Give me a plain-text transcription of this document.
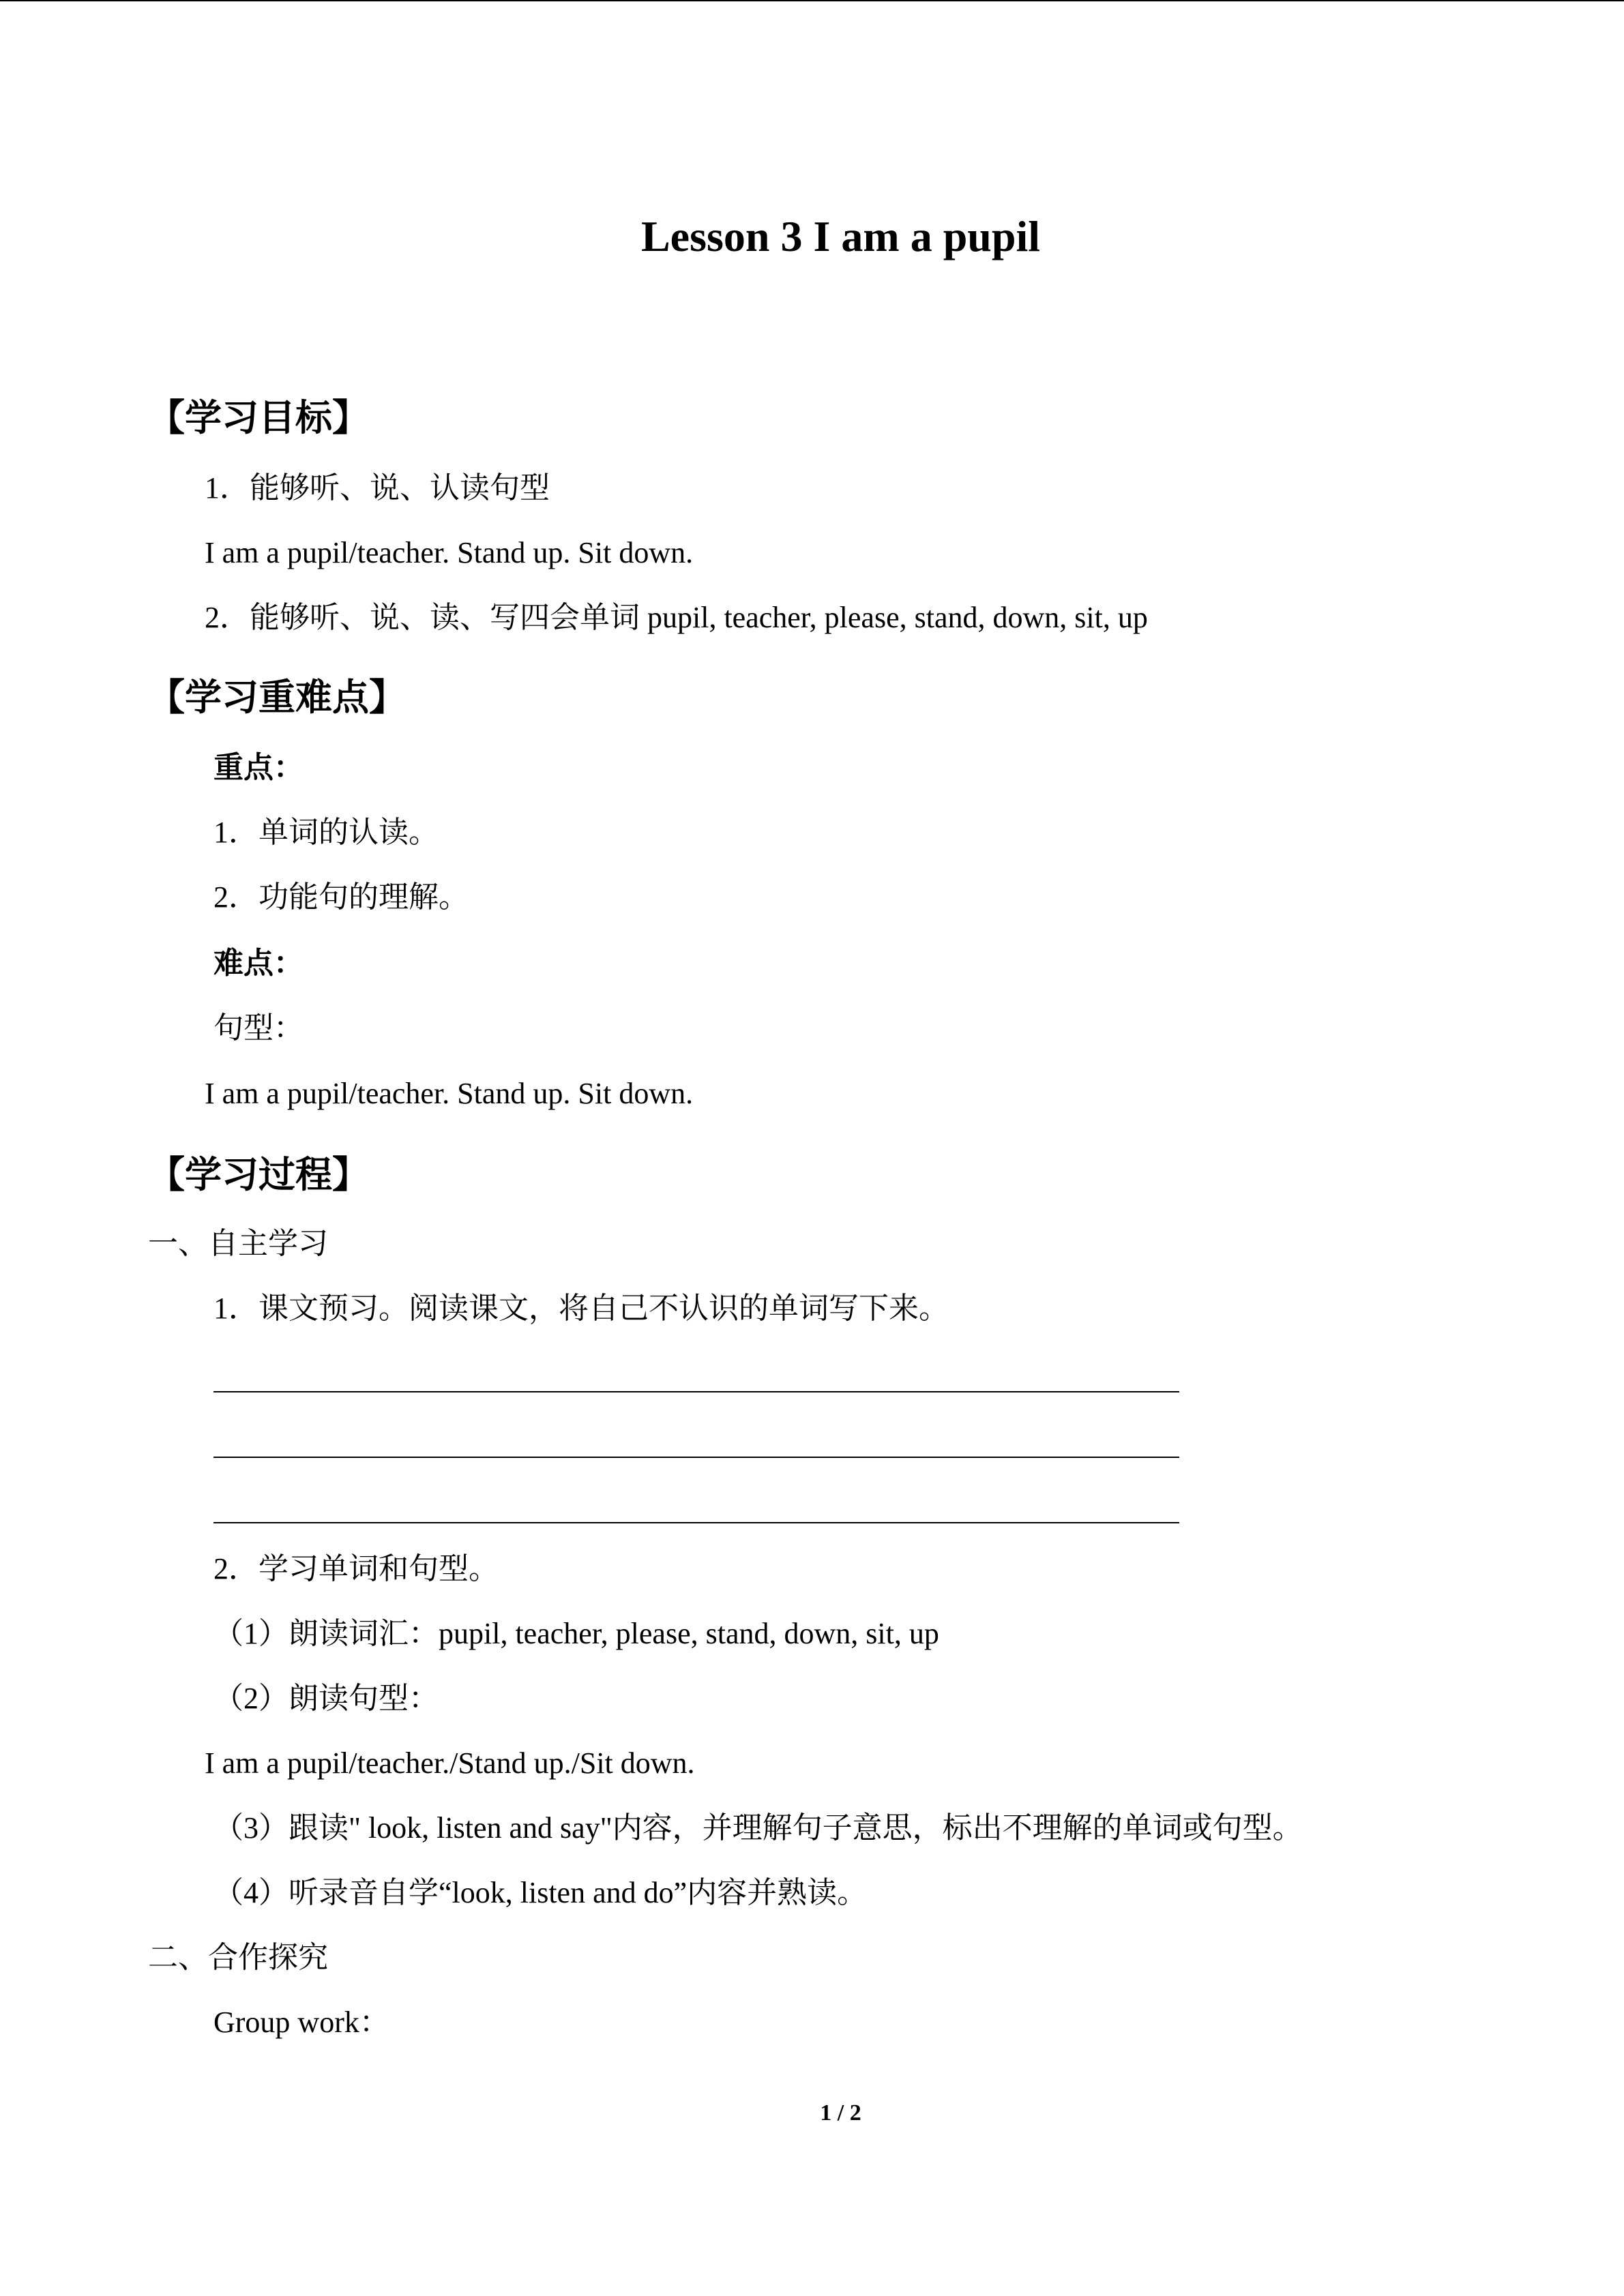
Lesson 3 I am a pupil
【学习目标】
1．能够听、说、认读句型
I am a pupil/teacher. Stand up. Sit down.
2．能够听、说、读、写四会单词 pupil, teacher, please, stand, down, sit, up
【学习重难点】
重点：
1．单词的认读。
2．功能句的理解。
难点：
句型：
I am a pupil/teacher. Stand up. Sit down.
【学习过程】
一、自主学习
1．课文预习。阅读课文，将自己不认识的单词写下来。
2．学习单词和句型。
（1）朗读词汇：pupil, teacher, please, stand, down, sit, up
（2）朗读句型：
I am a pupil/teacher./Stand up./Sit down.
（3）跟读" look, listen and say"内容，并理解句子意思，标出不理解的单词或句型。
（4）听录音自学“look, listen and do”内容并熟读。
二、合作探究
Group work：
1 / 2
